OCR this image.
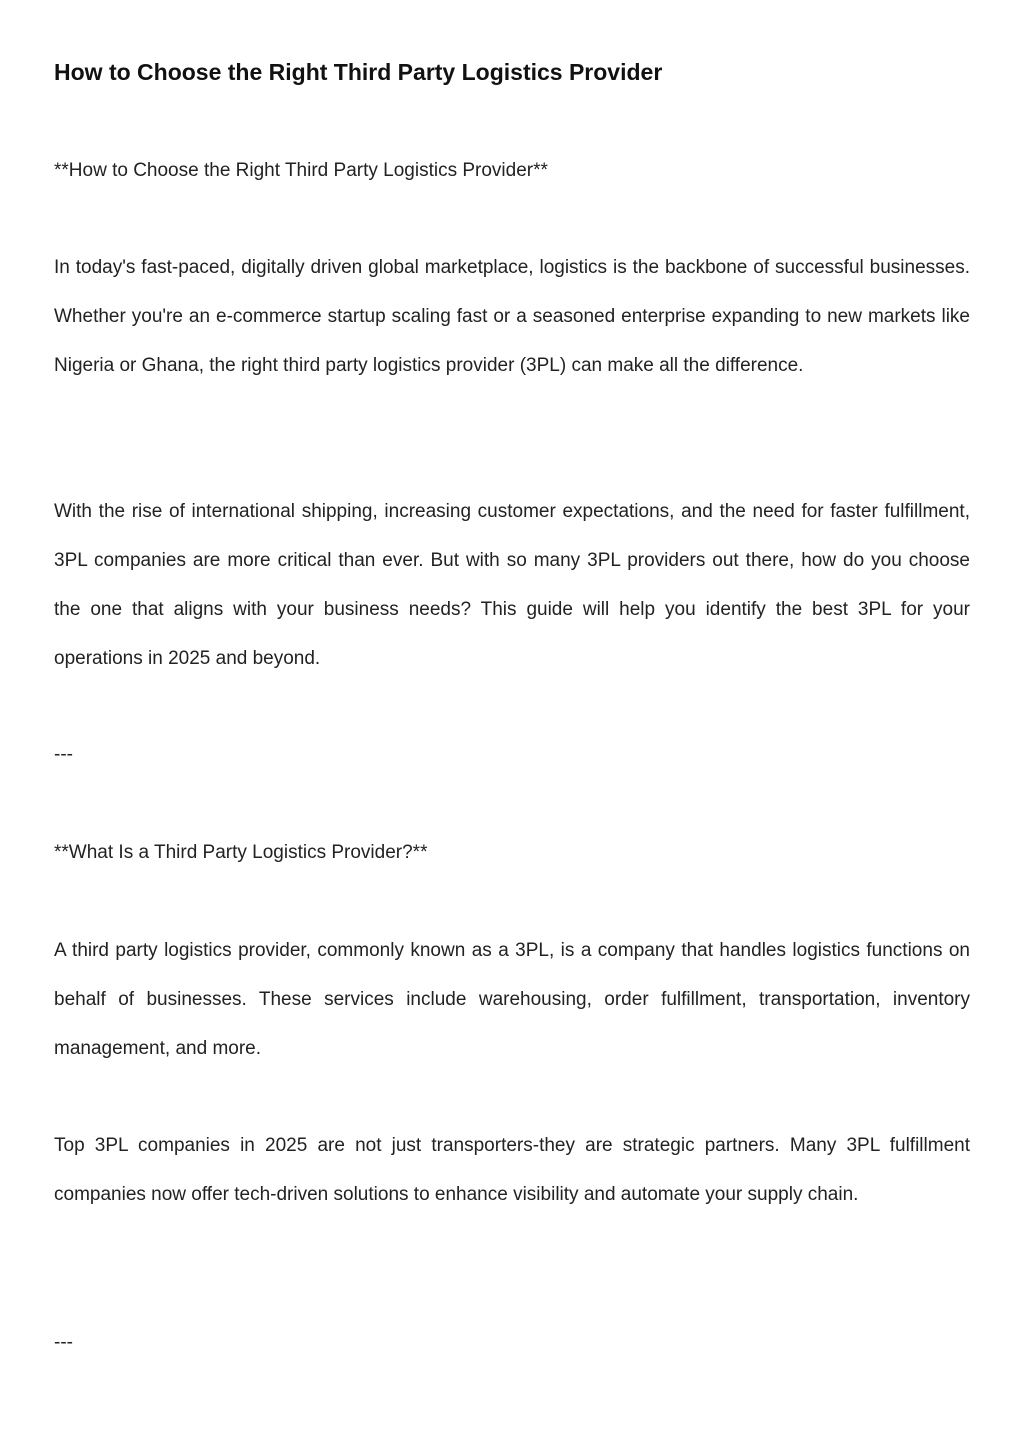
How to Choose the Right Third Party Logistics Provider

**How to Choose the Right Third Party Logistics Provider**

In today's fast-paced, digitally driven global marketplace, logistics is the backbone of successful businesses. Whether you're an e-commerce startup scaling fast or a seasoned enterprise expanding to new markets like Nigeria or Ghana, the right third party logistics provider (3PL) can make all the difference.

With the rise of international shipping, increasing customer expectations, and the need for faster fulfillment, 3PL companies are more critical than ever. But with so many 3PL providers out there, how do you choose the one that aligns with your business needs? This guide will help you identify the best 3PL for your operations in 2025 and beyond.

---

**What Is a Third Party Logistics Provider?**

A third party logistics provider, commonly known as a 3PL, is a company that handles logistics functions on behalf of businesses. These services include warehousing, order fulfillment, transportation, inventory management, and more.

Top 3PL companies in 2025 are not just transporters-they are strategic partners. Many 3PL fulfillment companies now offer tech-driven solutions to enhance visibility and automate your supply chain.

---
